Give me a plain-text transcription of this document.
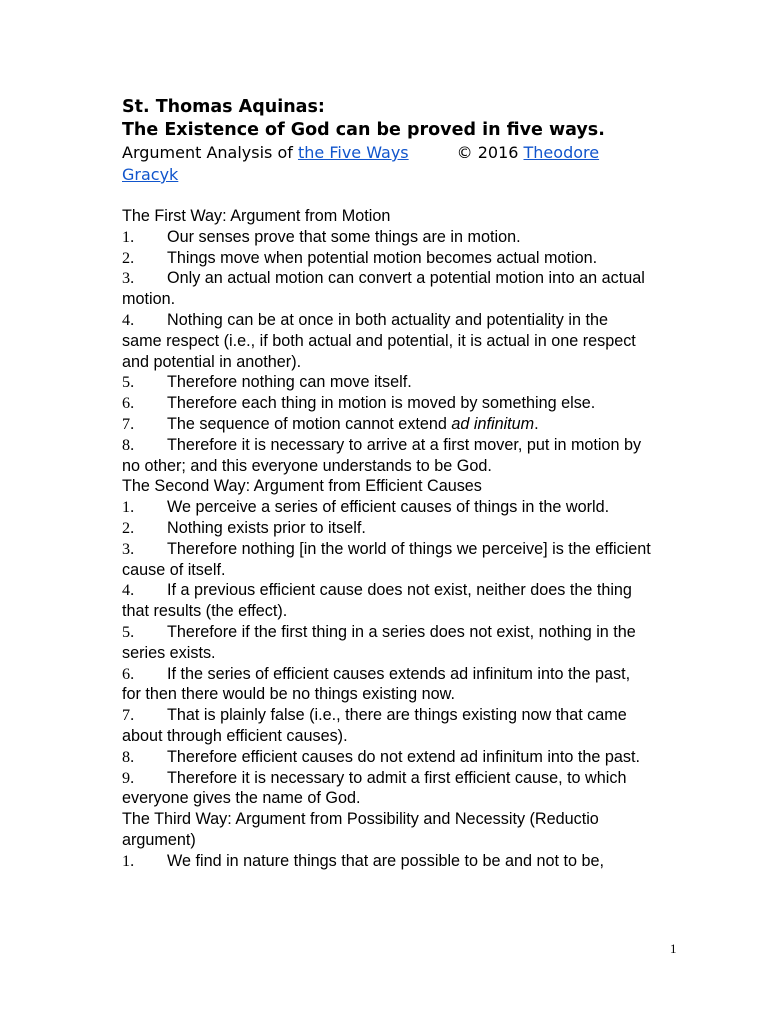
St. Thomas Aquinas:

The Existence of God can be proved in five ways.

Argument Analysis of the Five Ways	© 2016 Theodore Gracyk

The First Way: Argument from Motion

1. Our senses prove that some things are in motion.
2. Things move when potential motion becomes actual motion.
3. Only an actual motion can convert a potential motion into an actual motion.
4. Nothing can be at once in both actuality and potentiality in the same respect (i.e., if both actual and potential, it is actual in one respect and potential in another).
5. Therefore nothing can move itself.
6. Therefore each thing in motion is moved by something else.
7. The sequence of motion cannot extend ad infinitum.
8. Therefore it is necessary to arrive at a first mover, put in motion by no other; and this everyone understands to be God.

The Second Way: Argument from Efficient Causes

1. We perceive a series of efficient causes of things in the world.
2. Nothing exists prior to itself.
3. Therefore nothing [in the world of things we perceive] is the efficient cause of itself.
4. If a previous efficient cause does not exist, neither does the thing that results (the effect).
5. Therefore if the first thing in a series does not exist, nothing in the series exists.
6. If the series of efficient causes extends ad infinitum into the past, for then there would be no things existing now.
7. That is plainly false (i.e., there are things existing now that came about through efficient causes).
8. Therefore efficient causes do not extend ad infinitum into the past.
9. Therefore it is necessary to admit a first efficient cause, to which everyone gives the name of God.

The Third Way: Argument from Possibility and Necessity (Reductio argument)

1. We find in nature things that are possible to be and not to be,
1
